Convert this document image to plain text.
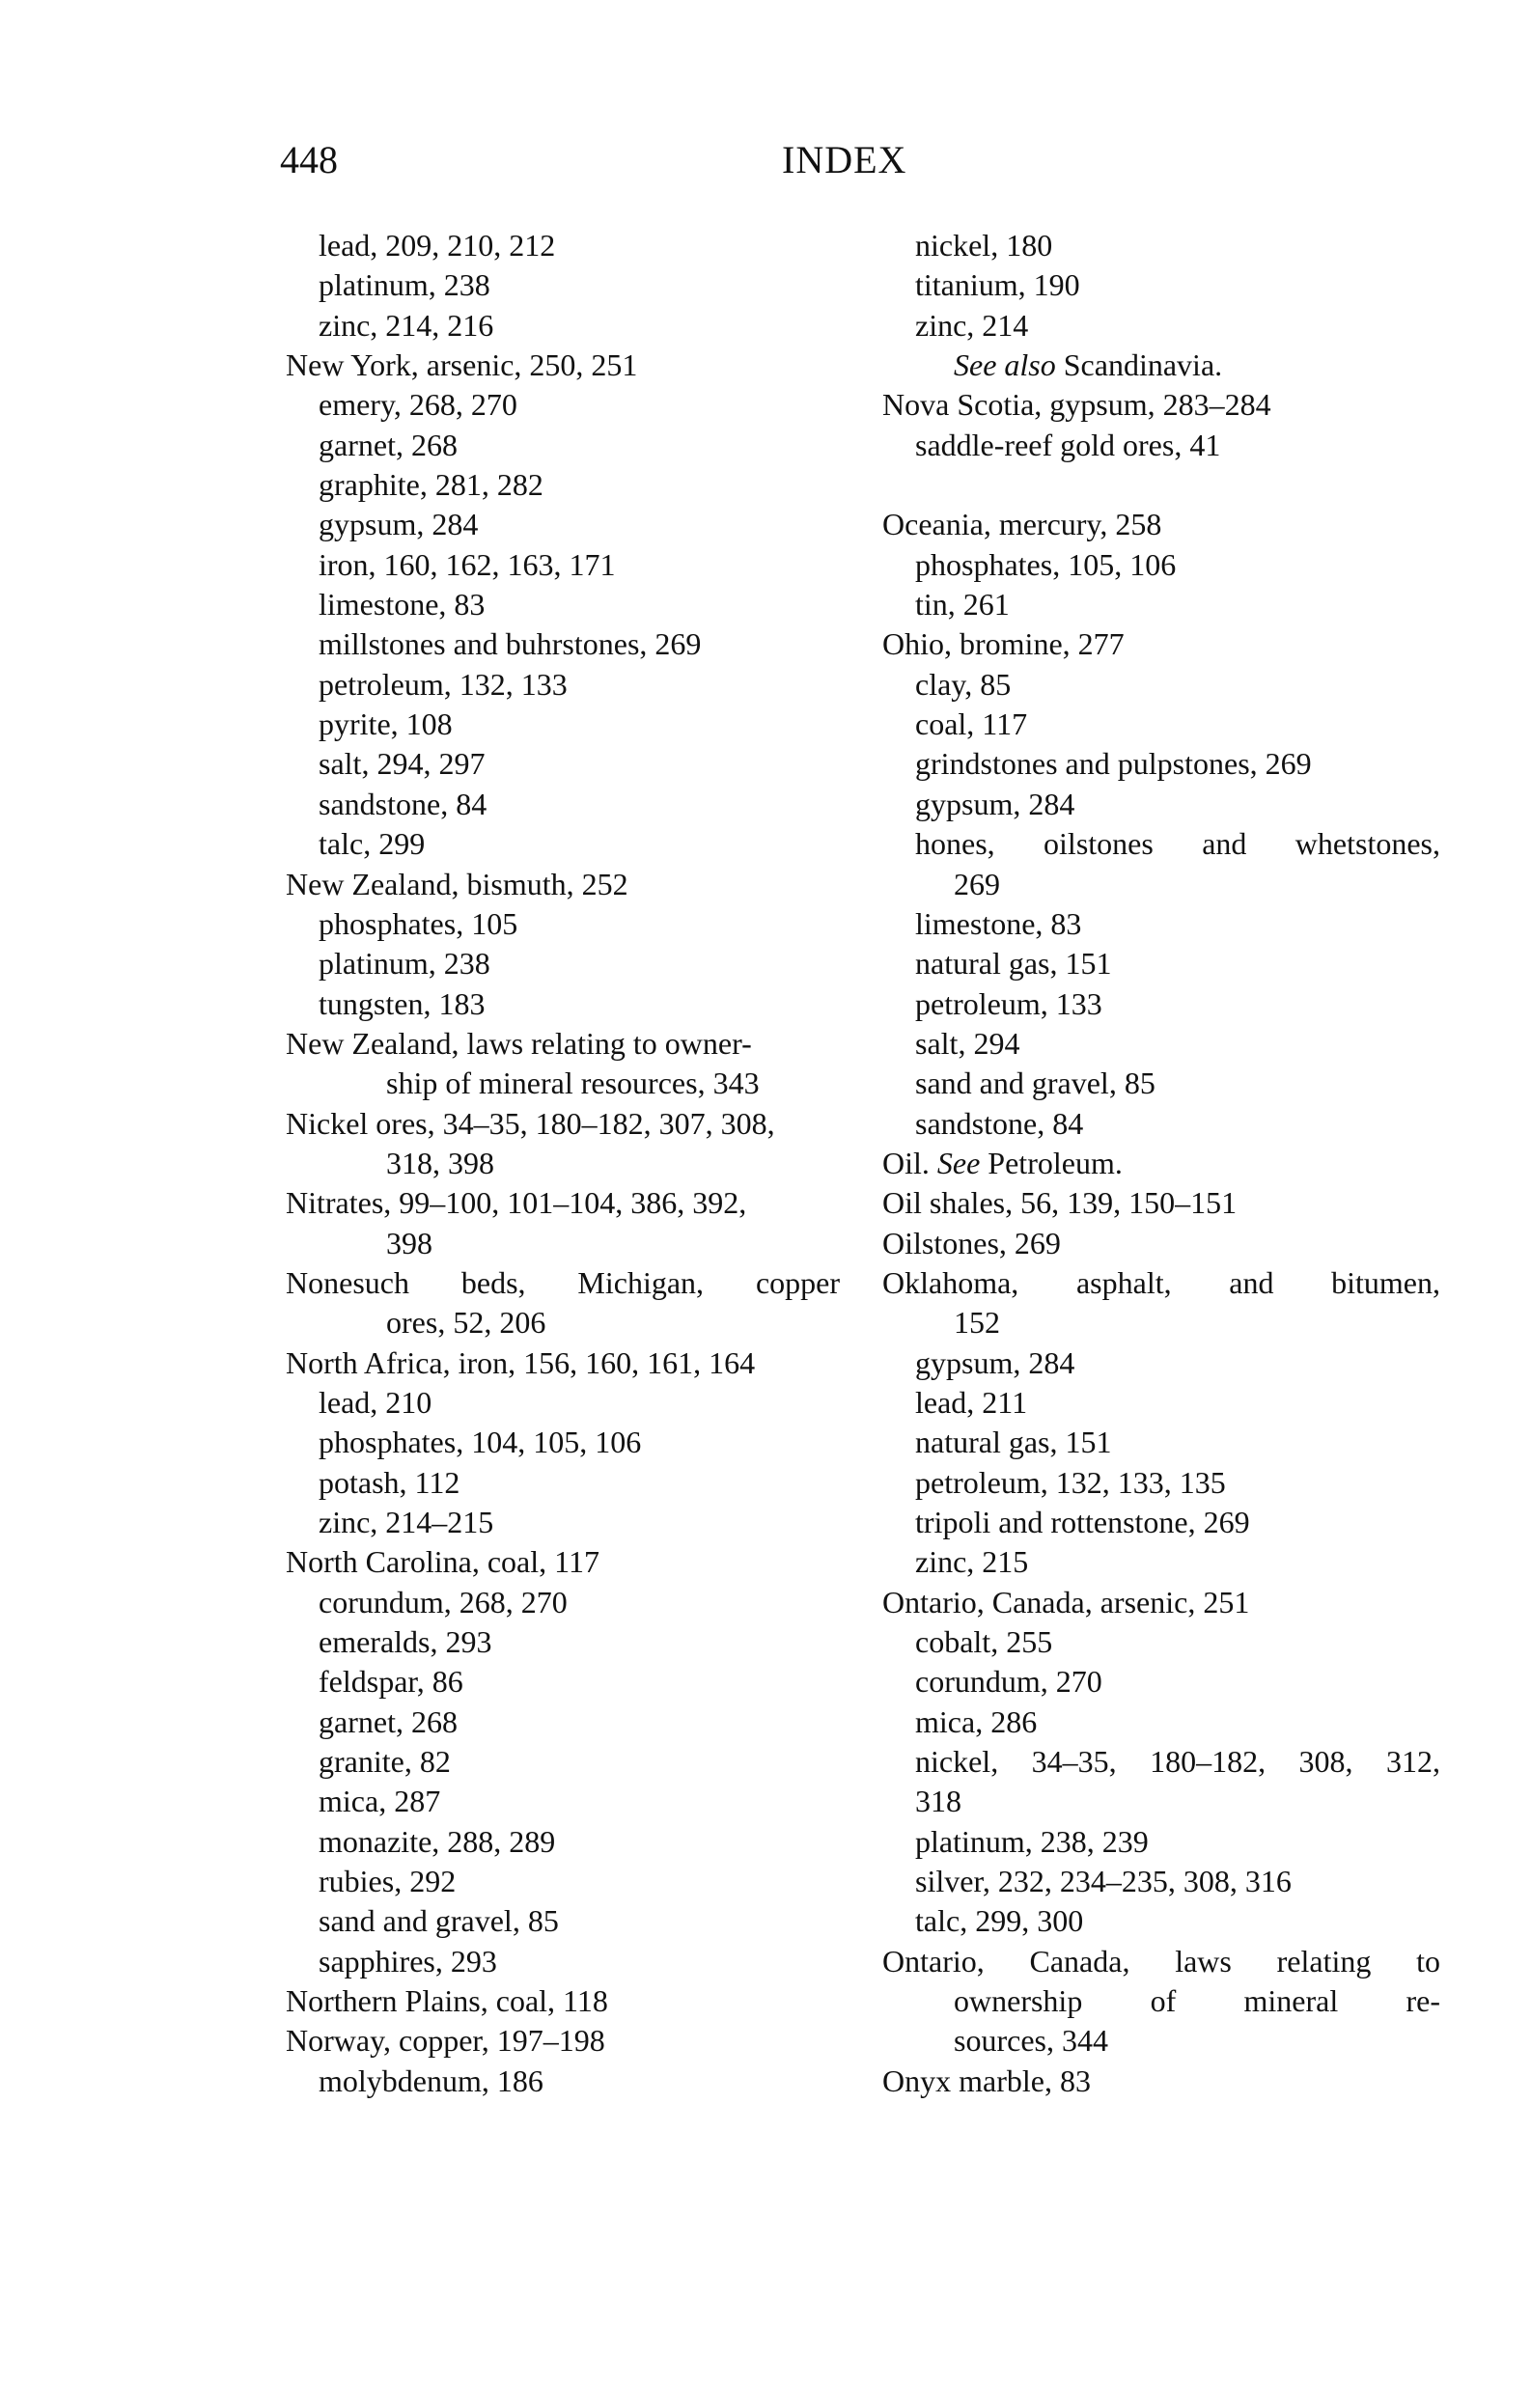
448	INDEX
lead, 209, 210, 212
platinum, 238
zinc, 214, 216
New York, arsenic, 250, 251
emery, 268, 270
garnet, 268
graphite, 281, 282
gypsum, 284
iron, 160, 162, 163, 171
limestone, 83
millstones and buhrstones, 269
petroleum, 132, 133
pyrite, 108
salt, 294, 297
sandstone, 84
talc, 299
New Zealand, bismuth, 252
phosphates, 105
platinum, 238
tungsten, 183
New Zealand, laws relating to owner-
ship of mineral resources, 343
Nickel ores, 34–35, 180–182, 307, 308,
318, 398
Nitrates, 99–100, 101–104, 386, 392,
398
Nonesuch beds, Michigan, copper
ores, 52, 206
North Africa, iron, 156, 160, 161, 164
lead, 210
phosphates, 104, 105, 106
potash, 112
zinc, 214–215
North Carolina, coal, 117
corundum, 268, 270
emeralds, 293
feldspar, 86
garnet, 268
granite, 82
mica, 287
monazite, 288, 289
rubies, 292
sand and gravel, 85
sapphires, 293
Northern Plains, coal, 118
Norway, copper, 197–198
molybdenum, 186
nickel, 180
titanium, 190
zinc, 214
See also Scandinavia.
Nova Scotia, gypsum, 283–284
saddle-reef gold ores, 41
Oceania, mercury, 258
phosphates, 105, 106
tin, 261
Ohio, bromine, 277
clay, 85
coal, 117
grindstones and pulpstones, 269
gypsum, 284
hones, oilstones and whetstones,
269
limestone, 83
natural gas, 151
petroleum, 133
salt, 294
sand and gravel, 85
sandstone, 84
Oil. See Petroleum.
Oil shales, 56, 139, 150–151
Oilstones, 269
Oklahoma, asphalt, and bitumen,
152
gypsum, 284
lead, 211
natural gas, 151
petroleum, 132, 133, 135
tripoli and rottenstone, 269
zinc, 215
Ontario, Canada, arsenic, 251
cobalt, 255
corundum, 270
mica, 286
nickel, 34–35, 180–182, 308, 312,
318
platinum, 238, 239
silver, 232, 234–235, 308, 316
talc, 299, 300
Ontario, Canada, laws relating to
ownership of mineral re-
sources, 344
Onyx marble, 83
